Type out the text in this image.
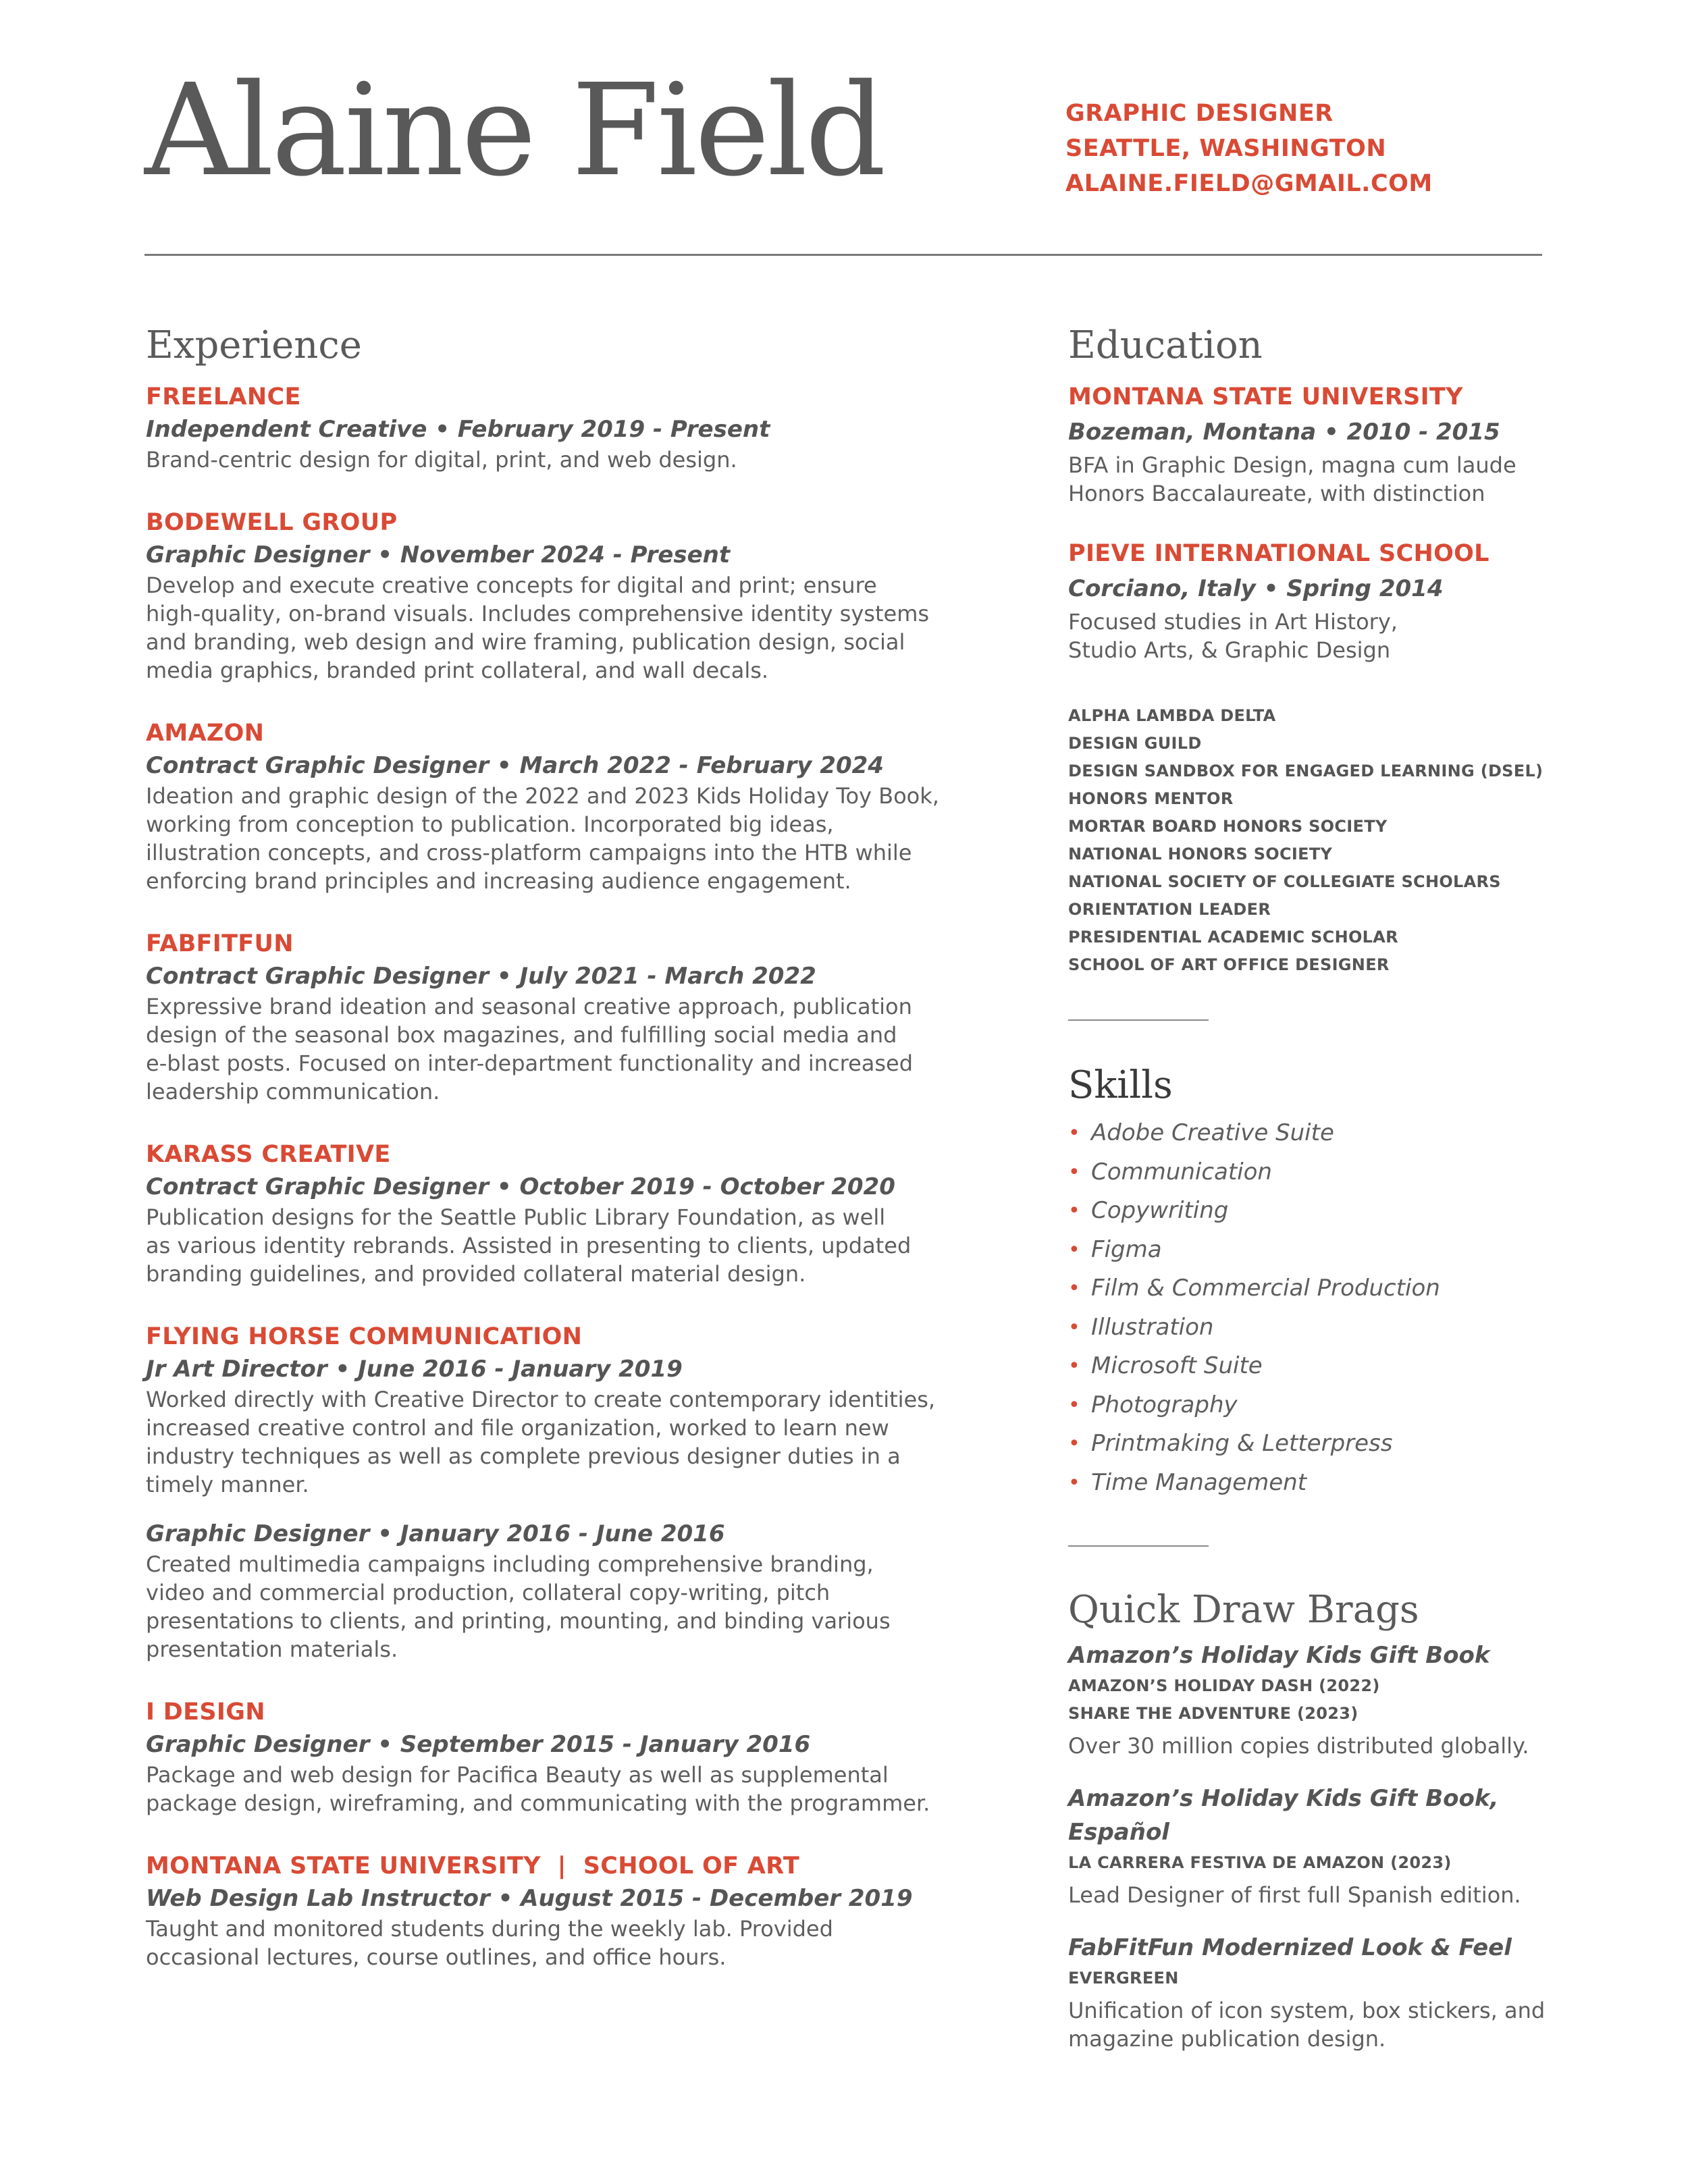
Alaine Field	GRAPHIC DESIGNER
SEATTLE, WASHINGTON
ALAINE.FIELD@GMAIL.COM
Experience
FREELANCE
Independent Creative • February 2019 - Present
Brand-centric design for digital, print, and web design.
BODEWELL GROUP
Graphic Designer • November 2024 - Present
Develop and execute creative concepts for digital and print; ensure
high-quality, on-brand visuals. Includes comprehensive identity systems
and branding, web design and wire framing, publication design, social
media graphics, branded print collateral, and wall decals.
AMAZON
Contract Graphic Designer • March 2022 - February 2024
Ideation and graphic design of the 2022 and 2023 Kids Holiday Toy Book,
working from conception to publication. Incorporated big ideas,
illustration concepts, and cross-platform campaigns into the HTB while
enforcing brand principles and increasing audience engagement.
FABFITFUN
Contract Graphic Designer • July 2021 - March 2022
Expressive brand ideation and seasonal creative approach, publication
design of the seasonal box magazines, and fulfilling social media and
e-blast posts. Focused on inter-department functionality and increased
leadership communication.
KARASS CREATIVE
Contract Graphic Designer • October 2019 - October 2020
Publication designs for the Seattle Public Library Foundation, as well
as various identity rebrands. Assisted in presenting to clients, updated
branding guidelines, and provided collateral material design.
FLYING HORSE COMMUNICATION
Jr Art Director • June 2016 - January 2019
Worked directly with Creative Director to create contemporary identities,
increased creative control and file organization, worked to learn new
industry techniques as well as complete previous designer duties in a
timely manner.
Graphic Designer • January 2016 - June 2016
Created multimedia campaigns including comprehensive branding,
video and commercial production, collateral copy-writing, pitch
presentations to clients, and printing, mounting, and binding various
presentation materials.
I DESIGN
Graphic Designer • September 2015 - January 2016
Package and web design for Pacifica Beauty as well as supplemental
package design, wireframing, and communicating with the programmer.
MONTANA STATE UNIVERSITY  |  SCHOOL OF ART
Web Design Lab Instructor • August 2015 - December 2019
Taught and monitored students during the weekly lab. Provided
occasional lectures, course outlines, and office hours.
Education
MONTANA STATE UNIVERSITY
Bozeman, Montana • 2010 - 2015
BFA in Graphic Design, magna cum laude
Honors Baccalaureate, with distinction
PIEVE INTERNATIONAL SCHOOL
Corciano, Italy • Spring 2014
Focused studies in Art History,
Studio Arts, & Graphic Design
ALPHA LAMBDA DELTA
DESIGN GUILD
DESIGN SANDBOX FOR ENGAGED LEARNING (DSEL)
HONORS MENTOR
MORTAR BOARD HONORS SOCIETY
NATIONAL HONORS SOCIETY
NATIONAL SOCIETY OF COLLEGIATE SCHOLARS
ORIENTATION LEADER
PRESIDENTIAL ACADEMIC SCHOLAR
SCHOOL OF ART OFFICE DESIGNER
Skills
• Adobe Creative Suite
• Communication
• Copywriting
• Figma
• Film & Commercial Production
• Illustration
• Microsoft Suite
• Photography
• Printmaking & Letterpress
• Time Management
Quick Draw Brags
Amazon’s Holiday Kids Gift Book
AMAZON’S HOLIDAY DASH (2022)
SHARE THE ADVENTURE (2023)
Over 30 million copies distributed globally.
Amazon’s Holiday Kids Gift Book, Español
LA CARRERA FESTIVA DE AMAZON (2023)
Lead Designer of first full Spanish edition.
FabFitFun Modernized Look & Feel
EVERGREEN
Unification of icon system, box stickers, and
magazine publication design.
